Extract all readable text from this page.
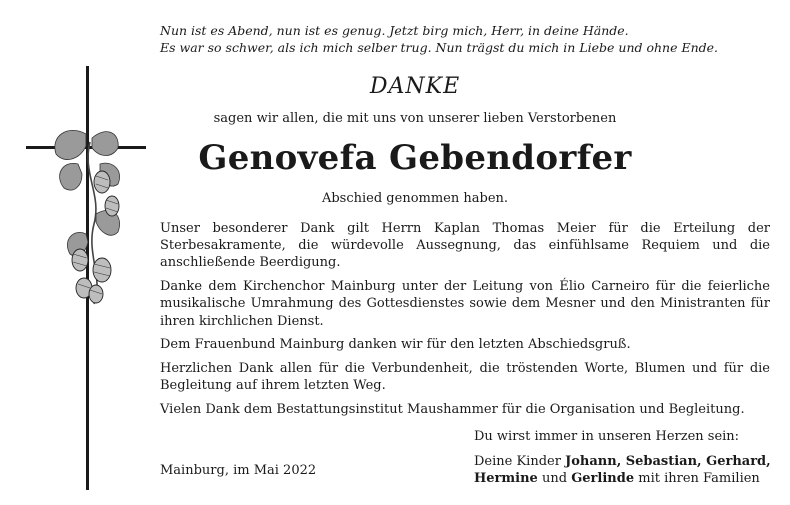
Nun ist es Abend, nun ist es genug. Jetzt birg mich, Herr, in deine Hände.
Es war so schwer, als ich mich selber trug. Nun trägst du mich in Liebe und ohne Ende.
DANKE
sagen wir allen, die mit uns von unserer lieben Verstorbenen
Genovefa Gebendorfer
Abschied genommen haben.

Unser besonderer Dank gilt Herrn Kaplan Thomas Meier für die Erteilung der Sterbesakramente, die würdevolle Aussegnung, das einfühlsame Requiem und die anschließende Beerdigung.

Danke dem Kirchenchor Mainburg unter der Leitung von Élio Carneiro für die feierliche musikalische Umrahmung des Gottesdienstes sowie dem Mesner und den Ministranten für ihren kirchlichen Dienst.

Dem Frauenbund Mainburg danken wir für den letzten Abschiedsgruß.

Herzlichen Dank allen für die Verbundenheit, die tröstenden Worte, Blumen und für die Begleitung auf ihrem letzten Weg.

Vielen Dank dem Bestattungsinstitut Maushammer für die Organisation und Begleitung.

Du wirst immer in unseren Herzen sein:
Deine Kinder Johann, Sebastian, Gerhard,
Hermine und Gerlinde mit ihren Familien
Mainburg, im Mai 2022
